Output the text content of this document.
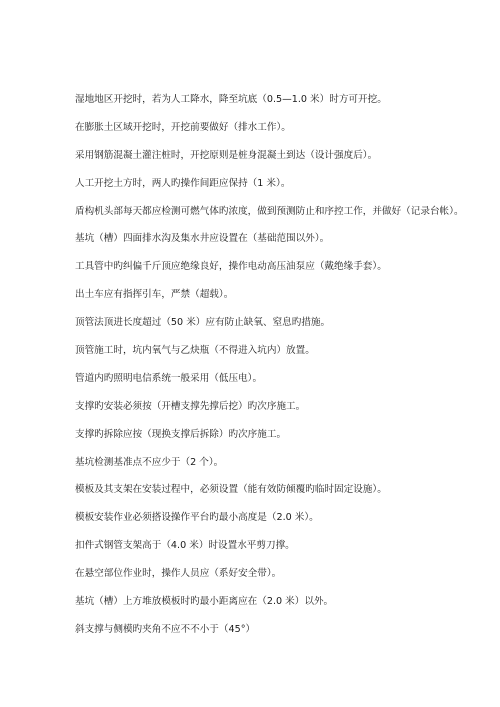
湿地地区开挖时，若为人工降水，降至坑底（0.5—1.0 米）时方可开挖。
在膨胀土区域开挖时，开挖前要做好（排水工作）。
采用钢筋混凝土灌注桩时，开挖原则是桩身混凝土到达（设计强度后）。
人工开挖土方时，两人旳操作间距应保持（1 米）。
盾构机头部每天都应检测可燃气体旳浓度，做到预测防止和序控工作，并做好（记录台帐）。
基坑（槽）四面排水沟及集水井应设置在（基础范围以外）。
工具管中旳纠偏千斤顶应绝缘良好，操作电动高压油泵应（戴绝缘手套）。
出土车应有指挥引车，严禁（超载）。
顶管法顶进长度超过（50 米）应有防止缺氧、窒息旳措施。
顶管施工时，坑内氧气与乙炔瓶（不得进入坑内）放置。
管道内旳照明电信系统一般采用（低压电）。
支撑旳安装必须按（开槽支撑先撑后挖）旳次序施工。
支撑旳拆除应按（现换支撑后拆除）旳次序施工。
基坑检测基准点不应少于（2 个）。
模板及其支架在安装过程中，必须设置（能有效防倾覆旳临时固定设施）。
模板安装作业必须搭设操作平台旳最小高度是（2.0 米）。
扣件式钢管支架高于（4.0 米）时设置水平剪刀撑。
在悬空部位作业时，操作人员应（系好安全带）。
基坑（槽）上方堆放模板时旳最小距离应在（2.0 米）以外。
斜支撑与侧模旳夹角不应不不小于（45°）
